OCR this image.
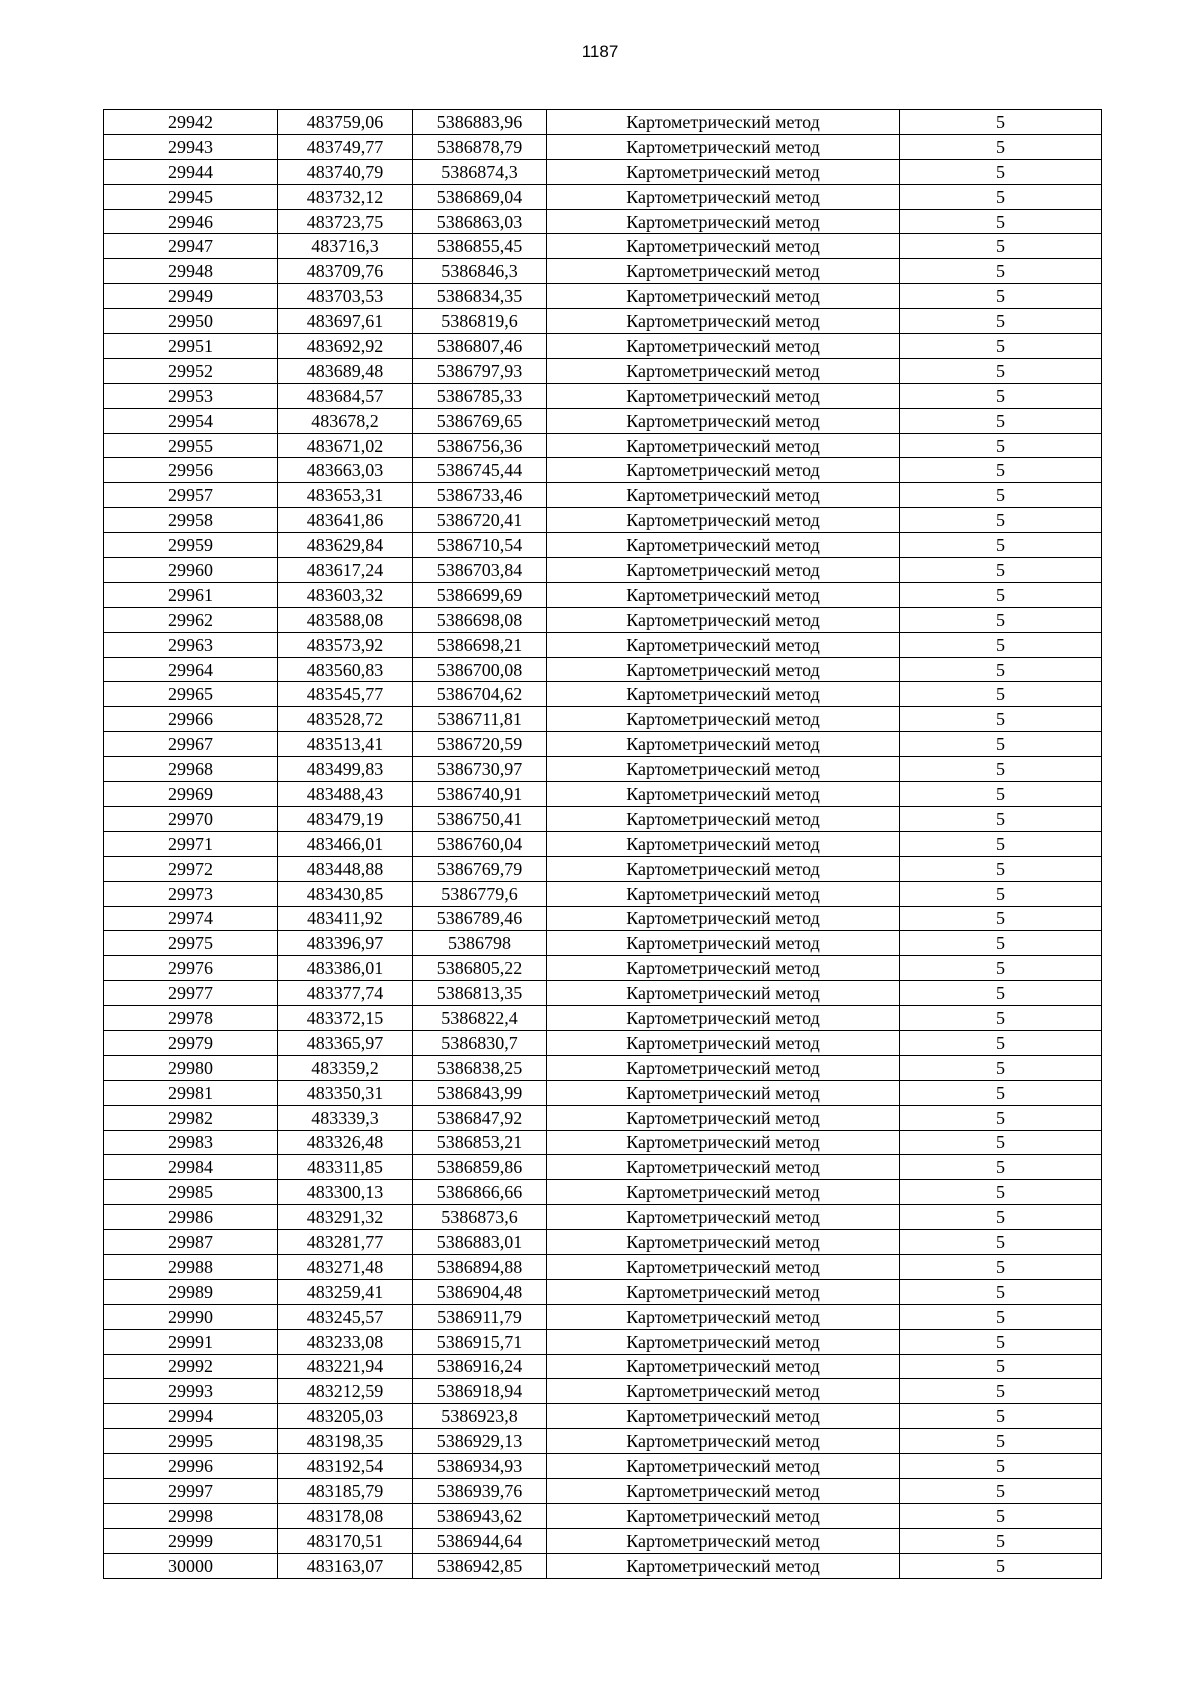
1187
29942	483759,06	5386883,96	Картометрический метод	5
29943	483749,77	5386878,79	Картометрический метод	5
29944	483740,79	5386874,3	Картометрический метод	5
29945	483732,12	5386869,04	Картометрический метод	5
29946	483723,75	5386863,03	Картометрический метод	5
29947	483716,3	5386855,45	Картометрический метод	5
29948	483709,76	5386846,3	Картометрический метод	5
29949	483703,53	5386834,35	Картометрический метод	5
29950	483697,61	5386819,6	Картометрический метод	5
29951	483692,92	5386807,46	Картометрический метод	5
29952	483689,48	5386797,93	Картометрический метод	5
29953	483684,57	5386785,33	Картометрический метод	5
29954	483678,2	5386769,65	Картометрический метод	5
29955	483671,02	5386756,36	Картометрический метод	5
29956	483663,03	5386745,44	Картометрический метод	5
29957	483653,31	5386733,46	Картометрический метод	5
29958	483641,86	5386720,41	Картометрический метод	5
29959	483629,84	5386710,54	Картометрический метод	5
29960	483617,24	5386703,84	Картометрический метод	5
29961	483603,32	5386699,69	Картометрический метод	5
29962	483588,08	5386698,08	Картометрический метод	5
29963	483573,92	5386698,21	Картометрический метод	5
29964	483560,83	5386700,08	Картометрический метод	5
29965	483545,77	5386704,62	Картометрический метод	5
29966	483528,72	5386711,81	Картометрический метод	5
29967	483513,41	5386720,59	Картометрический метод	5
29968	483499,83	5386730,97	Картометрический метод	5
29969	483488,43	5386740,91	Картометрический метод	5
29970	483479,19	5386750,41	Картометрический метод	5
29971	483466,01	5386760,04	Картометрический метод	5
29972	483448,88	5386769,79	Картометрический метод	5
29973	483430,85	5386779,6	Картометрический метод	5
29974	483411,92	5386789,46	Картометрический метод	5
29975	483396,97	5386798	Картометрический метод	5
29976	483386,01	5386805,22	Картометрический метод	5
29977	483377,74	5386813,35	Картометрический метод	5
29978	483372,15	5386822,4	Картометрический метод	5
29979	483365,97	5386830,7	Картометрический метод	5
29980	483359,2	5386838,25	Картометрический метод	5
29981	483350,31	5386843,99	Картометрический метод	5
29982	483339,3	5386847,92	Картометрический метод	5
29983	483326,48	5386853,21	Картометрический метод	5
29984	483311,85	5386859,86	Картометрический метод	5
29985	483300,13	5386866,66	Картометрический метод	5
29986	483291,32	5386873,6	Картометрический метод	5
29987	483281,77	5386883,01	Картометрический метод	5
29988	483271,48	5386894,88	Картометрический метод	5
29989	483259,41	5386904,48	Картометрический метод	5
29990	483245,57	5386911,79	Картометрический метод	5
29991	483233,08	5386915,71	Картометрический метод	5
29992	483221,94	5386916,24	Картометрический метод	5
29993	483212,59	5386918,94	Картометрический метод	5
29994	483205,03	5386923,8	Картометрический метод	5
29995	483198,35	5386929,13	Картометрический метод	5
29996	483192,54	5386934,93	Картометрический метод	5
29997	483185,79	5386939,76	Картометрический метод	5
29998	483178,08	5386943,62	Картометрический метод	5
29999	483170,51	5386944,64	Картометрический метод	5
30000	483163,07	5386942,85	Картометрический метод	5
